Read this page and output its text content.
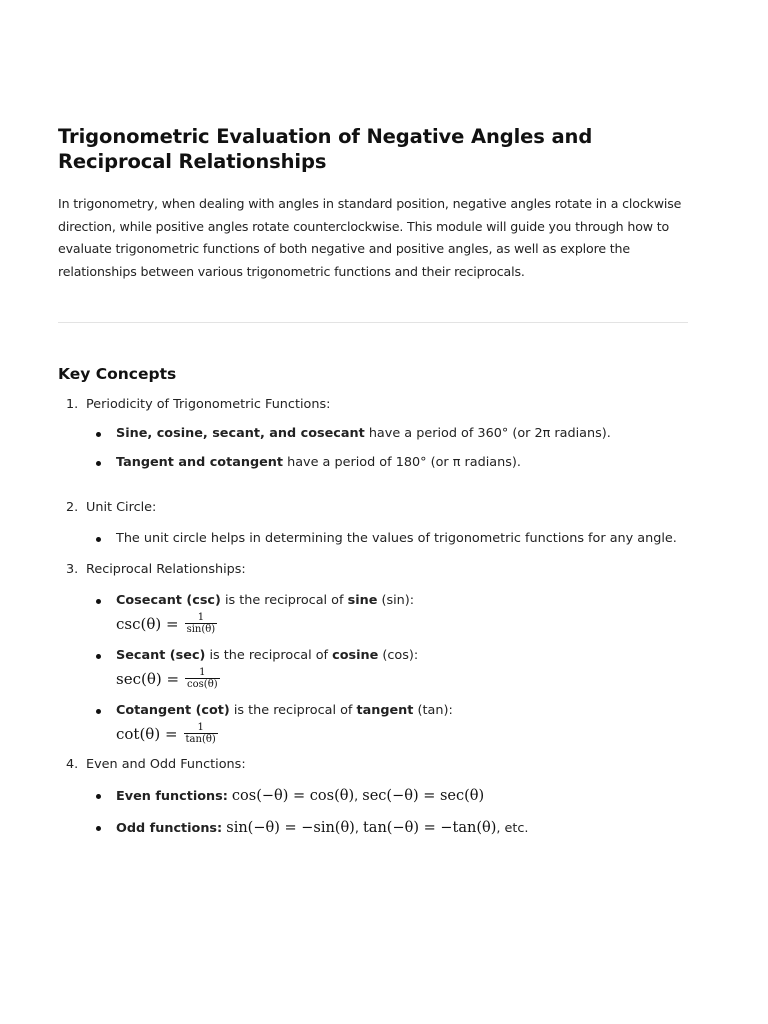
Trigonometric Evaluation of Negative Angles and Reciprocal Relationships

In trigonometry, when dealing with angles in standard position, negative angles rotate in a clockwise direction, while positive angles rotate counterclockwise. This module will guide you through how to evaluate trigonometric functions of both negative and positive angles, as well as explore the relationships between various trigonometric functions and their reciprocals.

Key Concepts
1. Periodicity of Trigonometric Functions:
Sine, cosine, secant, and cosecant have a period of 360° (or 2π radians).
Tangent and cotangent have a period of 180° (or π radians).
2. Unit Circle:
The unit circle helps in determining the values of trigonometric functions for any angle.
3. Reciprocal Relationships:
Cosecant (csc) is the reciprocal of sine (sin):
$\csc(\theta) = \frac{1}{\sin(\theta)}$
Secant (sec) is the reciprocal of cosine (cos):
$\sec(\theta) = \frac{1}{\cos(\theta)}$
Cotangent (cot) is the reciprocal of tangent (tan):
$\cot(\theta) = \frac{1}{\tan(\theta)}$
4. Even and Odd Functions:
Even functions: cos(−θ) = cos(θ), sec(−θ) = sec(θ)
Odd functions: sin(−θ) = −sin(θ), tan(−θ) = −tan(θ), etc.
